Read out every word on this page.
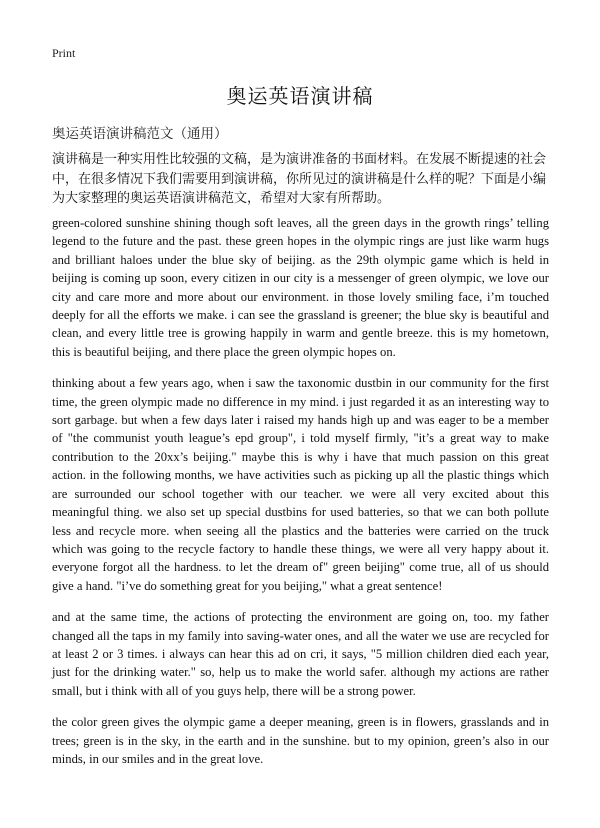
Print
奥运英语演讲稿
奥运英语演讲稿范文（通用）
演讲稿是一种实用性比较强的文稿，是为演讲准备的书面材料。在发展不断提速的社会中，在很多情况下我们需要用到演讲稿，你所见过的演讲稿是什么样的呢？下面是小编为大家整理的奥运英语演讲稿范文，希望对大家有所帮助。

green-colored sunshine shining though soft leaves, all the green days in the growth rings’ telling legend to the future and the past. these green hopes in the olympic rings are just like warm hugs and brilliant haloes under the blue sky of beijing. as the 29th olympic game which is held in beijing is coming up soon, every citizen in our city is a messenger of green olympic, we love our city and care more and more about our environment. in those lovely smiling face, i’m touched deeply for all the efforts we make. i can see the grassland is greener; the blue sky is beautiful and clean, and every little tree is growing happily in warm and gentle breeze. this is my hometown, this is beautiful beijing, and there place the green olympic hopes on.

thinking about a few years ago, when i saw the taxonomic dustbin in our community for the first time, the green olympic made no difference in my mind. i just regarded it as an interesting way to sort garbage. but when a few days later i raised my hands high up and was eager to be a member of "the communist youth league’s epd group", i told myself firmly, "it’s a great way to make contribution to the 20xx’s beijing." maybe this is why i have that much passion on this great action. in the following months, we have activities such as picking up all the plastic things which are surrounded our school together with our teacher. we were all very excited about this meaningful thing. we also set up special dustbins for used batteries, so that we can both pollute less and recycle more. when seeing all the plastics and the batteries were carried on the truck which was going to the recycle factory to handle these things, we were all very happy about it. everyone forgot all the hardness. to let the dream of" green beijing" come true, all of us should give a hand. "i’ve do something great for you beijing," what a great sentence!

and at the same time, the actions of protecting the environment are going on, too. my father changed all the taps in my family into saving-water ones, and all the water we use are recycled for at least 2 or 3 times. i always can hear this ad on cri, it says, "5 million children died each year, just for the drinking water." so, help us to make the world safer. although my actions are rather small, but i think with all of you guys help, there will be a strong power.

the color green gives the olympic game a deeper meaning, green is in flowers, grasslands and in trees; green is in the sky, in the earth and in the sunshine. but to my opinion, green’s also in our minds, in our smiles and in the great love.
